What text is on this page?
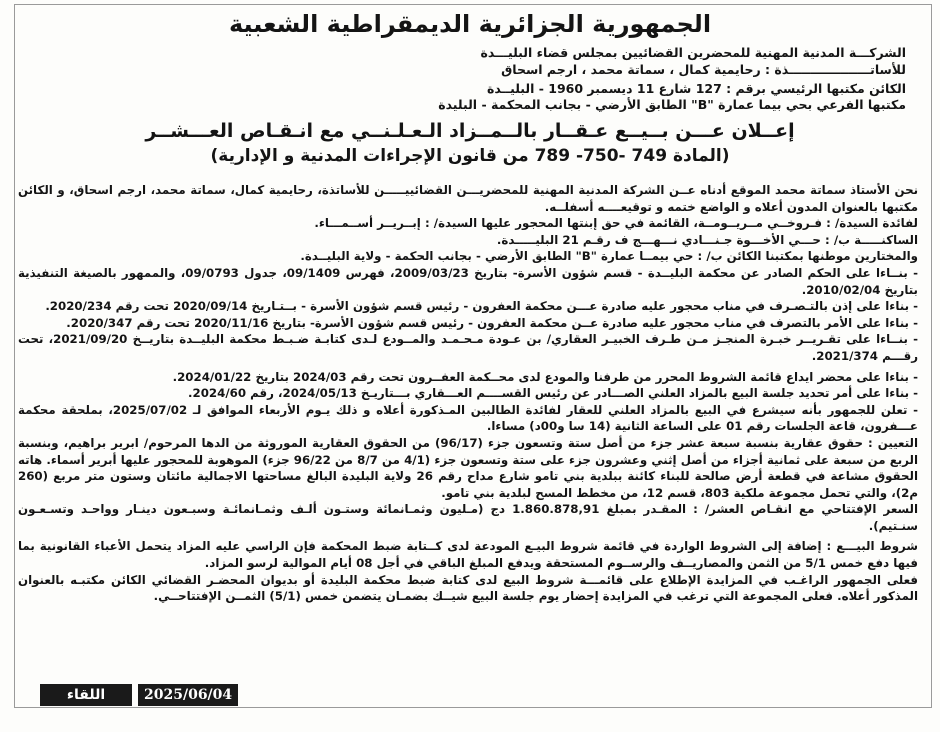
الجمهورية الجزائرية الديمقراطية الشعبية
الشركـــة المدنية المهنية للمحضرين القضائيين بمجلس قضاء البليـــدة
للأساتـــــــــــــــــــذة : رحايمية كمال ، سماتة محمد ، ارجم اسحاق
الكائن مكتبها الرئيسي برقم : 127 شارع 11 ديسمبر 1960 - البليــدة
مكتبها الفرعي بحي بيما عمارة "B" الطابق الأرضي - بجانب المحكمة - البليدة
إعــلان عـــن بــيــع عـقــار بالــمــزاد الـعـلـنــي مع انـقـاص العـــشــر
(المادة 749 -750- 789 من قانون الإجراءات المدنية و الإدارية)

نحن الأستاذ سماتة محمد الموقع أدناه عــن الشركة المدنية المهنية للمحضريـــن القضائييـــــن للأساتذة، رحايمية كمال، سماتة محمد، ارجم اسحاق، و الكائن مكتبها بالعنوان المدون أعلاه و الواضع ختمه و توقيعــــه أسفلــه.

لفائدة السيدة/ : فـروخــي مــريــومــة، القائمة في حق إبنتها المحجور عليها السيدة/ : إبــريــر أســمـــاء.

الساكنـــــة ب/ : حـــي الأخـــوة جـنـــادي نـــهـــج ف رقـم 21 البليـــــدة.

والمختارين موطنها بمكتبنا الكائن ب/ : حي بيمــا عمارة "B" الطابق الأرضي - بجانب الحكمة - ولاية البليــدة.

- بنــاءا على الحكم الصادر عن محكمة البليــدة - قسم شؤون الأسرة- بتاريخ 2009/03/23، فهرس 09/1409، جدول 09/0793، والممهور بالصيغة التنفيذية بتاريخ 2010/02/04.

- بناءا على إذن بالتـصـرف في مناب محجور عليه صادرة عـــن محكمة العفرون - رئيس قسم شؤون الأسرة - بــتـاريخ 2020/09/14 تحت رقم 2020/234.

- بناءا على الأمر بالتصرف في مناب محجور عليه صادرة عــن محكمة العفرون - رئيس قسم شؤون الأسرة- بتاريخ 2020/11/16 تحت رقم 2020/347.

- بنــاءا على تقـريــر خبـرة المنجـز مـن طـرف الخبيـر العقاري/ بن عـودة مـحـمـد والمــودع لـدى كتابـة ضـبـط محكمة البليــدة بتاريــخ 2021/09/20، تحت رقـــم 2021/374.

- بناءا على محضر ايداع قائمة الشروط المحرر من طرفنا والمودع لدى محــكمة العفــرون تحت رقم 2024/03 بتاريخ 2024/01/22.

- بناءا على أمر تحديد جلسة البيع بالمزاد العلني الصـــادر عن رئيس القســــم العـــقاري بـــتاريـخ 2024/05/13، رقم 2024/60.

- تعلن للجمهور بأنه سيشرع في البيع بالمزاد العلني للعقار لفائدة الطالبين المـذكورة أعلاه و ذلك يـوم الأربعاء الموافق لـ 2025/07/02، بملحقة محكمة عـــفرون، قاعة الجلسات رقم 01 على الساعة الثانية (14 سا و00د) مساءا.

التعيين : حقوق عقارية بنسبة سبعة عشر جزء من أصل ستة وتسعون جزء (96/17) من الحقوق العقارية الموروثة من الدها المرحوم/ ابرير براهيم، وبنسبة الربع من سبعة على ثمانية أجزاء من أصل إثني وعشرون جزء على ستة وتسعون جزء (4/1 من 8/7 من 96/22 جزء) الموهوبة للمحجور عليها أبرير أسماء. هاته الحقوق مشاعة في قطعة أرض صالحة للبناء كائنة ببلدية بني تامو شارع مداح رقم 26 ولاية البليدة البالغ مساحتها الاجمالية مائتان وستون متر مربع (260 م2)، والتي تحمل مجموعة ملكية 803، قسم 12، من مخطط المسح لبلدية بني تامو.

السعر الإفتتاحي مع انقـاص العشر/ : المقـدر بمبلغ 1.860.878,91 دج (مـليون وثمـانمائة وستـون ألـف وثمـانمائـة وسبـعون دينـار وواحـد وتسـعـون سنـتيم).

شروط البيـــع : إضافة إلى الشروط الواردة في قائمة شروط البيـع المودعة لدى كــتابة ضبط المحكمة فإن الراسي عليه المزاد يتحمل الأعباء القانونية بما فيها دفع خمس 5/1 من الثمن والمصاريــف والرســوم المستحقة ويدفع المبلغ الباقي في أجل 08 أيام الموالية لرسو المزاد.

فعلى الجمهور الراغـب في المزايدة الإطلاع على قائمـــة شروط البيع لدى كتابة ضبط محكمة البليدة أو بديوان المحضـر القضائي الكائن مكتبـه بالعنوان المذكور أعلاه. فعلى المجموعة التي ترغب في المزايدة إحضار يوم جلسة البيع شيــك بضمـان يتضمن خمس (5/1) الثمــن الإفتتاحــي.

اللقاء	2025/06/04
